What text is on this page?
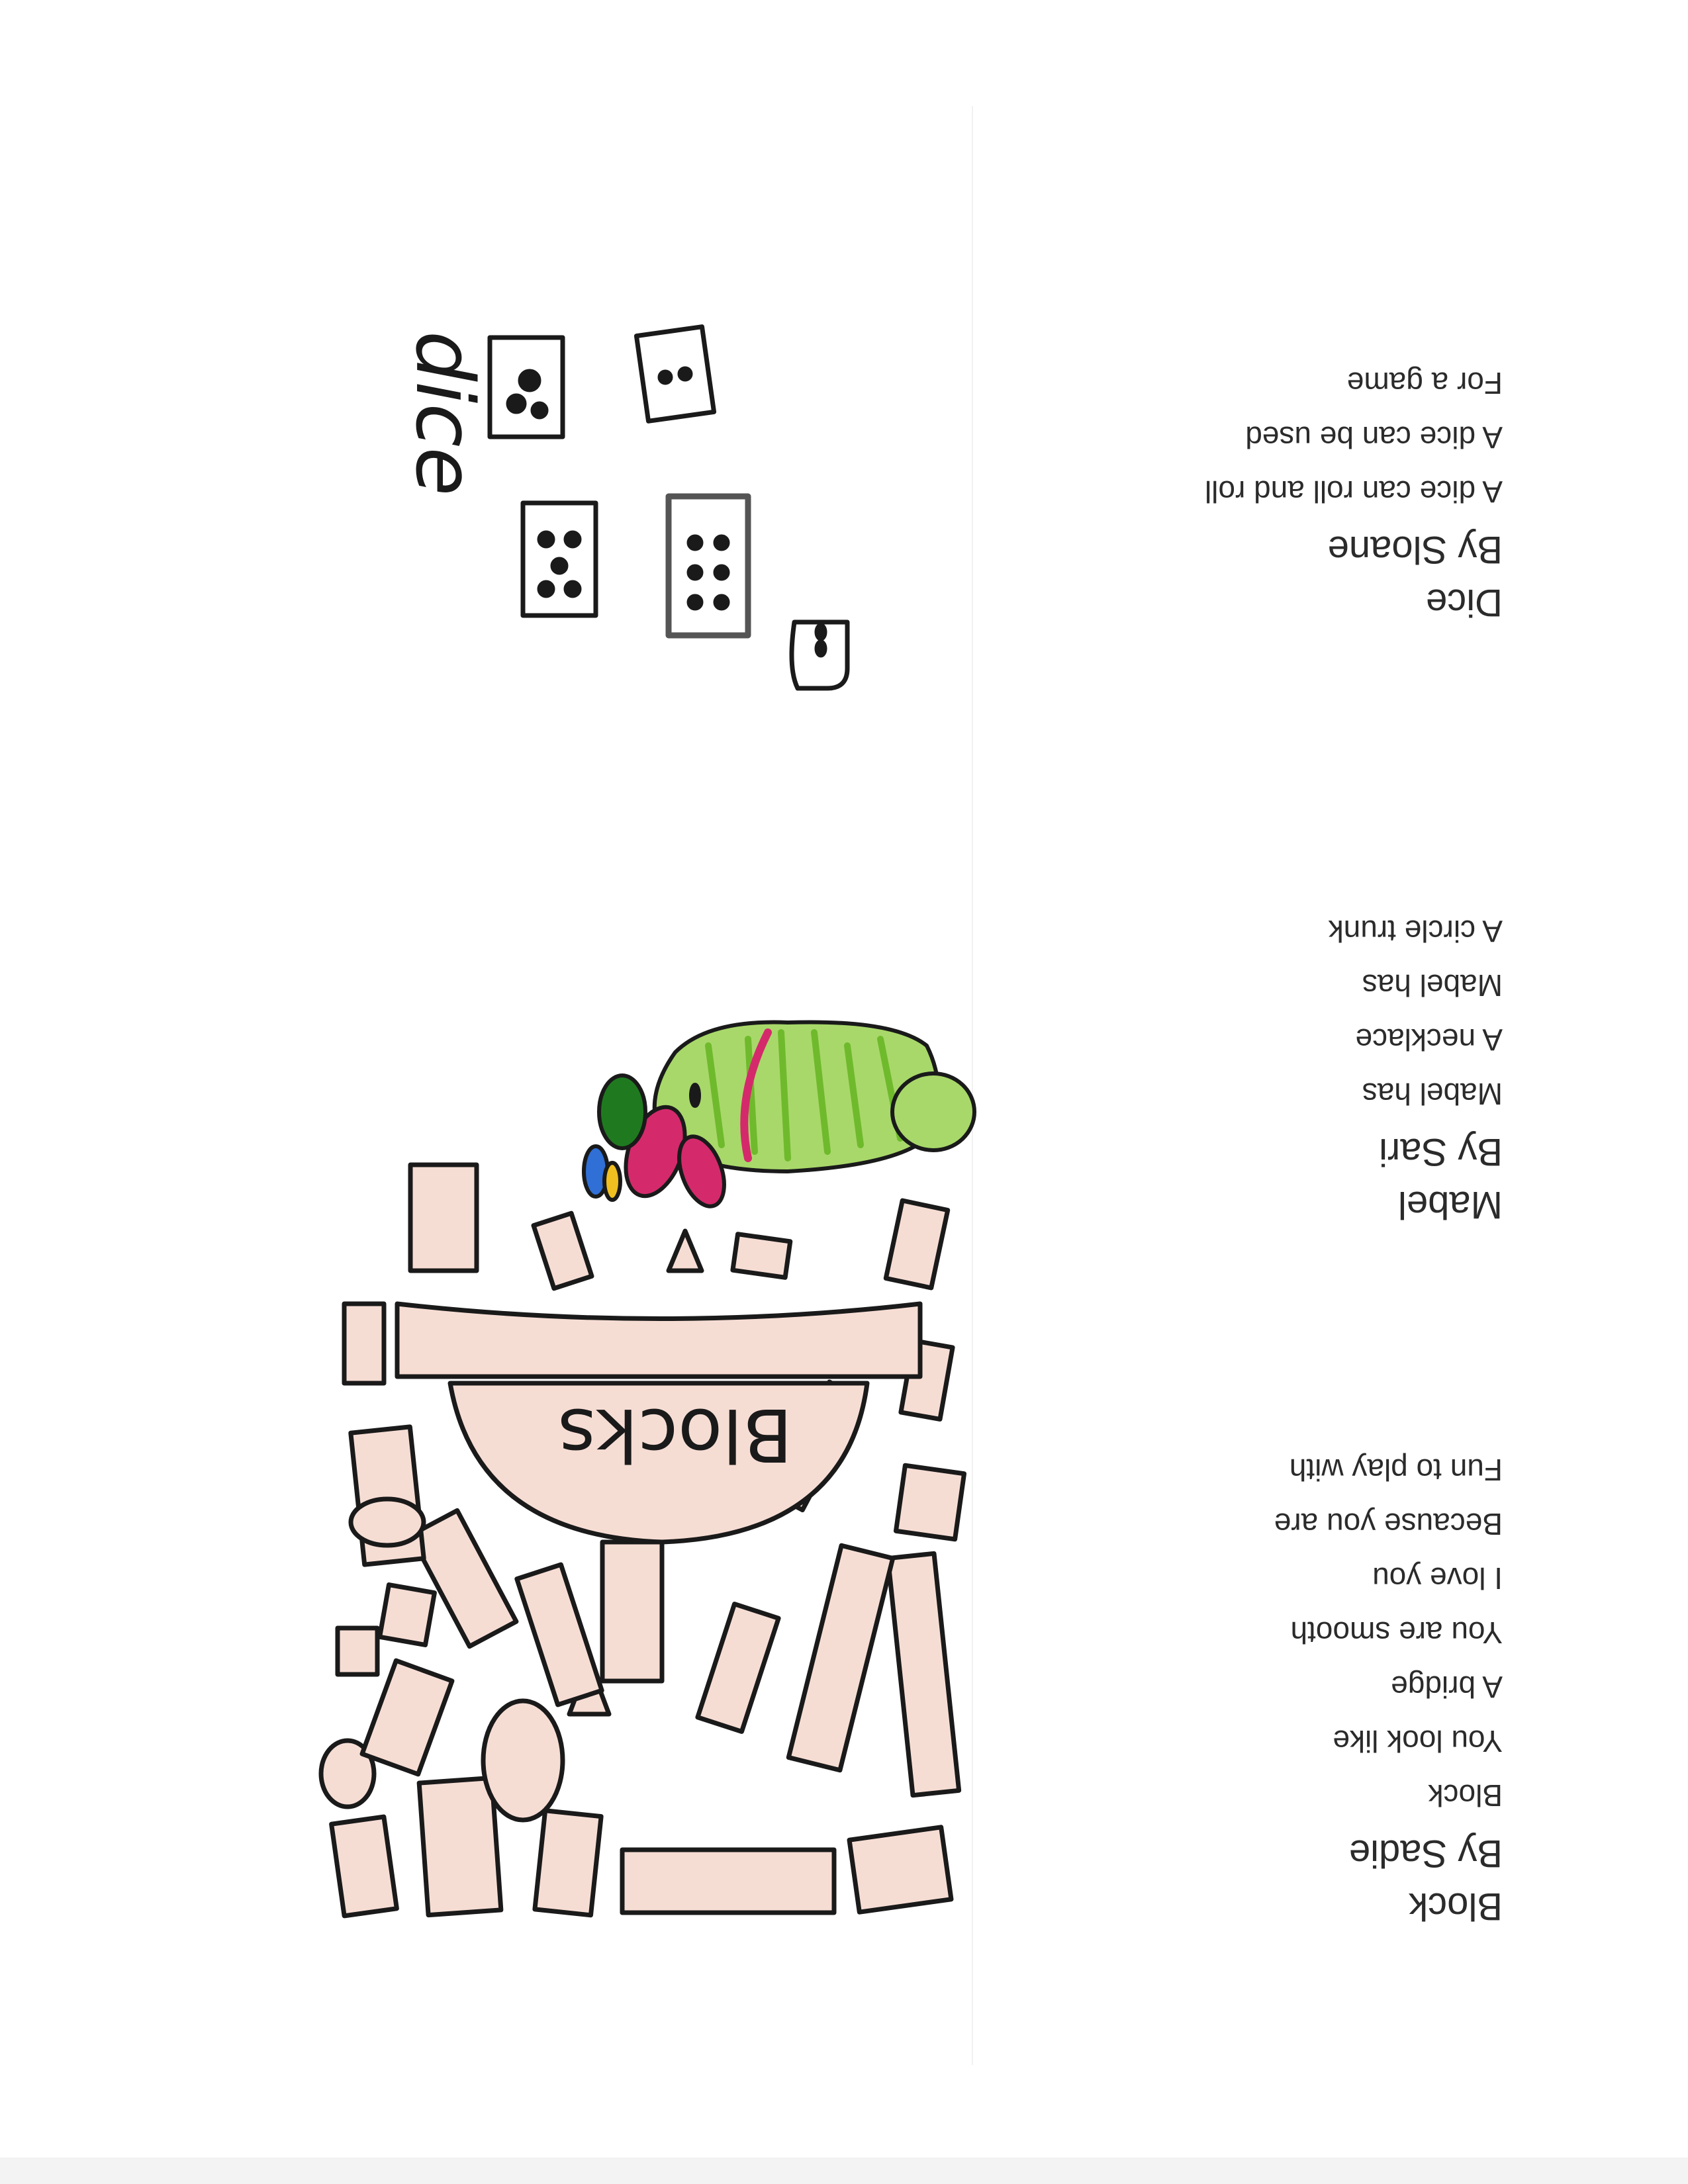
Block

By Sadie

Block

You look like

A bridge

You are smooth

I love you

Because you are

Fun to play with

Blocks

Mabel

By Sari

Mabel has

A necklace

Mabel has

A circle trunk

Dice

By Sloane

A dice can roll and roll

A dice can be used

For a game

dice
